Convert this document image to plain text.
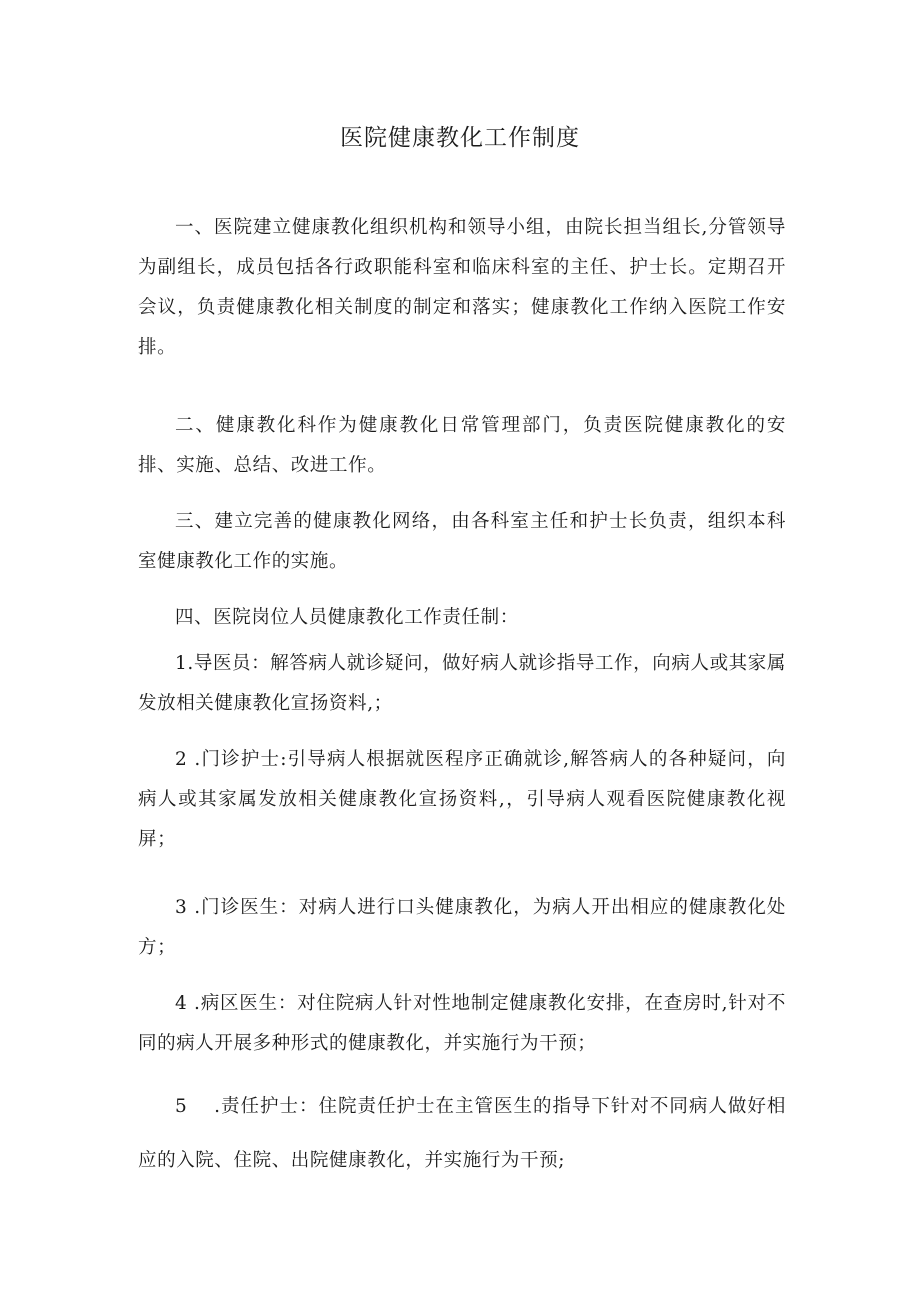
医院健康教化工作制度

一、医院建立健康教化组织机构和领导小组，由院长担当组长,分管领导为副组长，成员包括各行政职能科室和临床科室的主任、护士长。定期召开会议，负责健康教化相关制度的制定和落实；健康教化工作纳入医院工作安排。

二、健康教化科作为健康教化日常管理部门，负责医院健康教化的安排、实施、总结、改进工作。

三、建立完善的健康教化网络，由各科室主任和护士长负责，组织本科室健康教化工作的实施。

四、医院岗位人员健康教化工作责任制：

1.导医员：解答病人就诊疑问，做好病人就诊指导工作，向病人或其家属发放相关健康教化宣扬资料,；

2 .门诊护士:引导病人根据就医程序正确就诊,解答病人的各种疑问，向病人或其家属发放相关健康教化宣扬资料,，引导病人观看医院健康教化视屏；

3 .门诊医生：对病人进行口头健康教化，为病人开出相应的健康教化处方；

4 .病区医生：对住院病人针对性地制定健康教化安排，在查房时,针对不同的病人开展多种形式的健康教化，并实施行为干预；

5　 .责任护士：住院责任护士在主管医生的指导下针对不同病人做好相应的入院、住院、出院健康教化，并实施行为干预;
